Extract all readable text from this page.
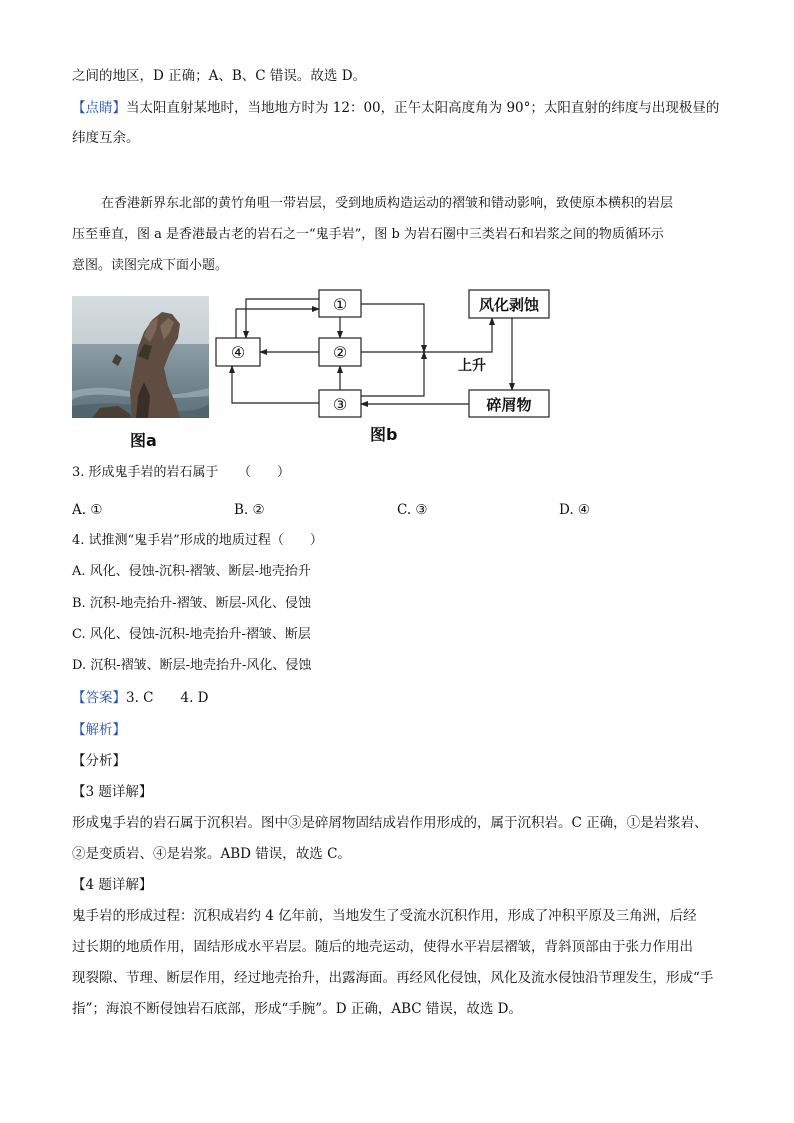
之间的地区，D 正确；A、B、C 错误。故选 D。
【点睛】当太阳直射某地时，当地地方时为 12：00，正午太阳高度角为 90°；太阳直射的纬度与出现极昼的
纬度互余。
在香港新界东北部的黄竹角咀一带岩层，受到地质构造运动的褶皱和错动影响，致使原本横积的岩层
压至垂直，图 a 是香港最古老的岩石之一“鬼手岩”，图 b 为岩石圈中三类岩石和岩浆之间的物质循环示
意图。读图完成下面小题。
图a
①
②
③
④
风化剥蚀
碎屑物
上升
图b
3. 形成鬼手岩的岩石属于　　（　　）
A. ①	B. ②	C. ③	D. ④
4. 试推测“鬼手岩”形成的地质过程（　　）
A. 风化、侵蚀-沉积-褶皱、断层-地壳抬升
B. 沉积-地壳抬升-褶皱、断层-风化、侵蚀
C. 风化、侵蚀-沉积-地壳抬升-褶皱、断层
D. 沉积-褶皱、断层-地壳抬升-风化、侵蚀
【答案】3. C　　4. D
【解析】
【分析】
【3 题详解】
形成鬼手岩的岩石属于沉积岩。图中③是碎屑物固结成岩作用形成的，属于沉积岩。C 正确，①是岩浆岩、
②是变质岩、④是岩浆。ABD 错误，故选 C。
【4 题详解】
鬼手岩的形成过程：沉积成岩约 4 亿年前，当地发生了受流水沉积作用，形成了冲积平原及三角洲，后经
过长期的地质作用，固结形成水平岩层。随后的地壳运动，使得水平岩层褶皱，背斜顶部由于张力作用出
现裂隙、节理、断层作用，经过地壳抬升，出露海面。再经风化侵蚀，风化及流水侵蚀沿节理发生，形成“手
指”；海浪不断侵蚀岩石底部，形成“手腕”。D 正确，ABC 错误，故选 D。
